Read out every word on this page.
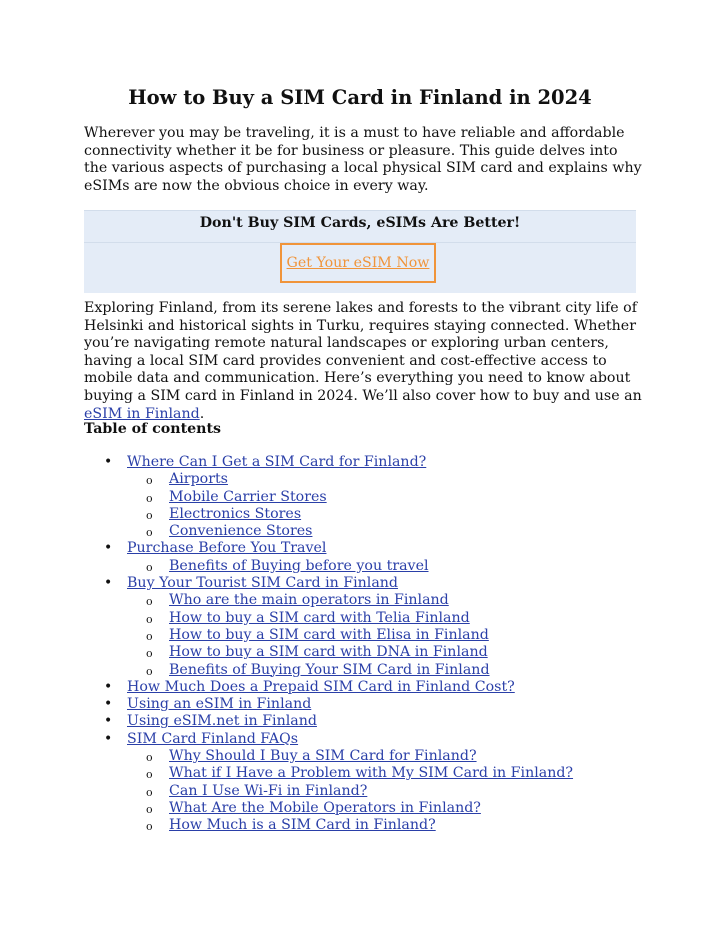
How to Buy a SIM Card in Finland in 2024

Wherever you may be traveling, it is a must to have reliable and affordable connectivity whether it be for business or pleasure. This guide delves into the various aspects of purchasing a local physical SIM card and explains why eSIMs are now the obvious choice in every way.

Don't Buy SIM Cards, eSIMs Are Better!
Get Your eSIM Now

Exploring Finland, from its serene lakes and forests to the vibrant city life of Helsinki and historical sights in Turku, requires staying connected. Whether you’re navigating remote natural landscapes or exploring urban centers, having a local SIM card provides convenient and cost-effective access to mobile data and communication. Here’s everything you need to know about buying a SIM card in Finland in 2024. We’ll also cover how to buy and use an eSIM in Finland.

Table of contents

• Where Can I Get a SIM Card for Finland?
o Airports
o Mobile Carrier Stores
o Electronics Stores
o Convenience Stores
• Purchase Before You Travel
o Benefits of Buying before you travel
• Buy Your Tourist SIM Card in Finland
o Who are the main operators in Finland
o How to buy a SIM card with Telia Finland
o How to buy a SIM card with Elisa in Finland
o How to buy a SIM card with DNA in Finland
o Benefits of Buying Your SIM Card in Finland
• How Much Does a Prepaid SIM Card in Finland Cost?
• Using an eSIM in Finland
• Using eSIM.net in Finland
• SIM Card Finland FAQs
o Why Should I Buy a SIM Card for Finland?
o What if I Have a Problem with My SIM Card in Finland?
o Can I Use Wi-Fi in Finland?
o What Are the Mobile Operators in Finland?
o How Much is a SIM Card in Finland?
